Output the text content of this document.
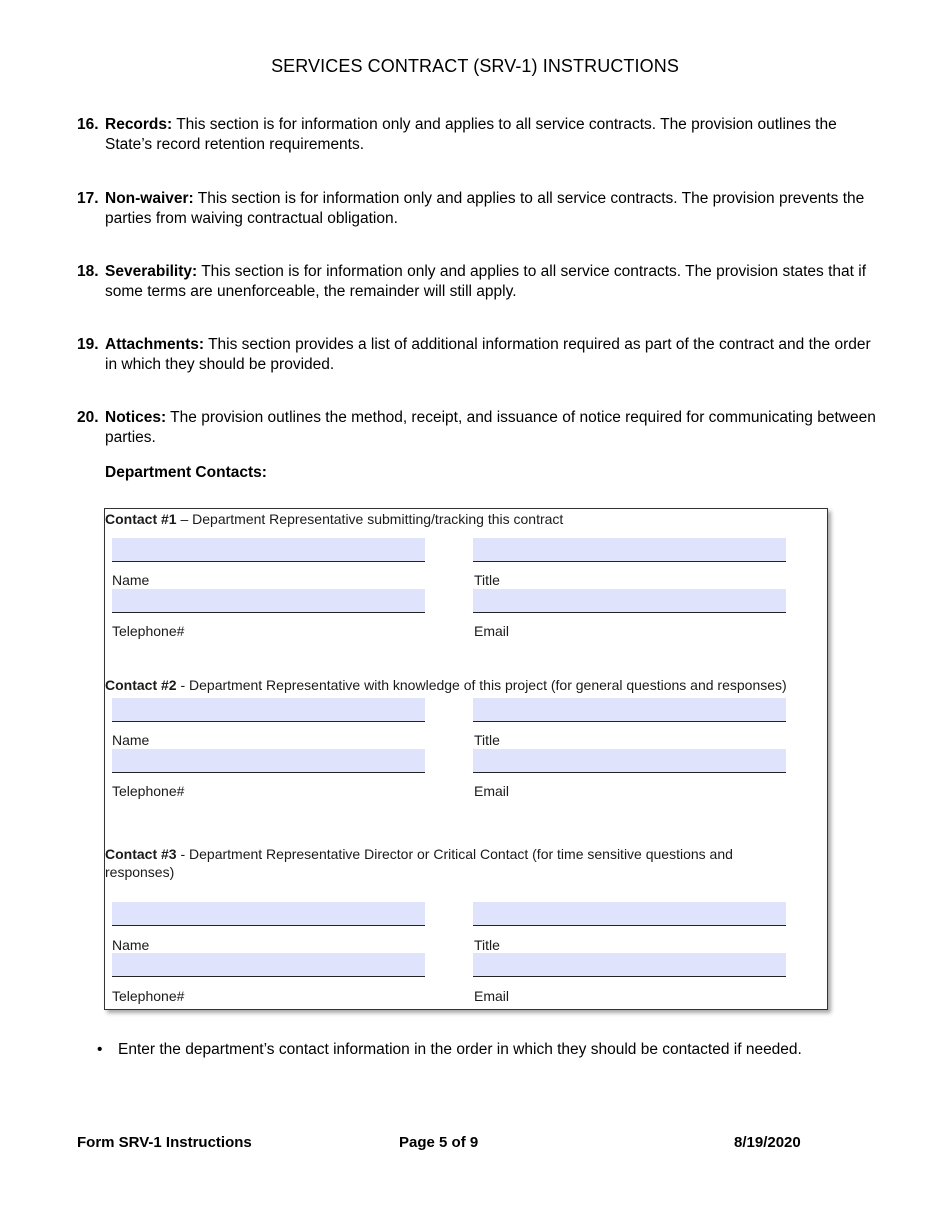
SERVICES CONTRACT (SRV-1) INSTRUCTIONS
16. Records: This section is for information only and applies to all service contracts. The provision outlines the State’s record retention requirements.
17. Non-waiver: This section is for information only and applies to all service contracts. The provision prevents the parties from waiving contractual obligation.
18. Severability: This section is for information only and applies to all service contracts. The provision states that if some terms are unenforceable, the remainder will still apply.
19. Attachments: This section provides a list of additional information required as part of the contract and the order in which they should be provided.
20. Notices: The provision outlines the method, receipt, and issuance of notice required for communicating between parties.
Department Contacts:
Contact #1 – Department Representative submitting/tracking this contract
Name	Title
Telephone#	Email
Contact #2 - Department Representative with knowledge of this project (for general questions and responses)
Name	Title
Telephone#	Email
Contact #3 - Department Representative Director or Critical Contact (for time sensitive questions and responses)
Name	Title
Telephone#	Email
• Enter the department’s contact information in the order in which they should be contacted if needed.
Form SRV-1 Instructions	Page 5 of 9	8/19/2020
